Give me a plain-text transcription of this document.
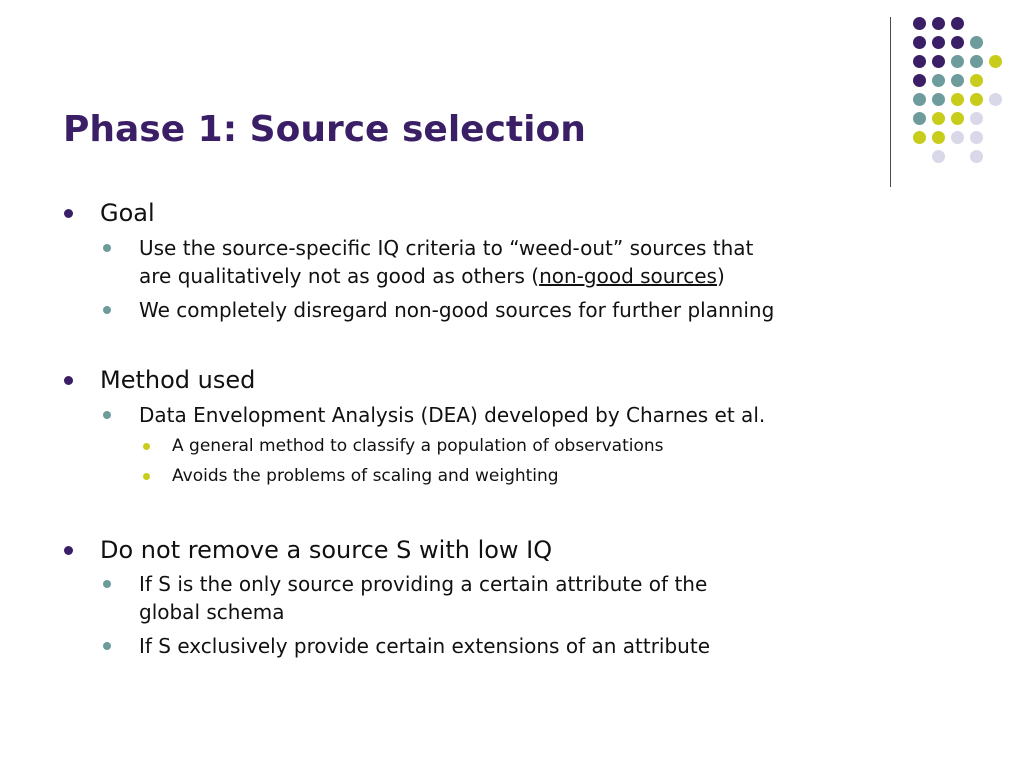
Phase 1: Source selection
Goal
Use the source-specific IQ criteria to “weed-out” sources that
are qualitatively not as good as others (non-good sources)
We completely disregard non-good sources for further planning
Method used
Data Envelopment Analysis (DEA) developed by Charnes et al.
A general method to classify a population of observations
Avoids the problems of scaling and weighting
Do not remove a source S with low IQ
If S is the only source providing a certain attribute of the
global schema
If S exclusively provide certain extensions of an attribute
